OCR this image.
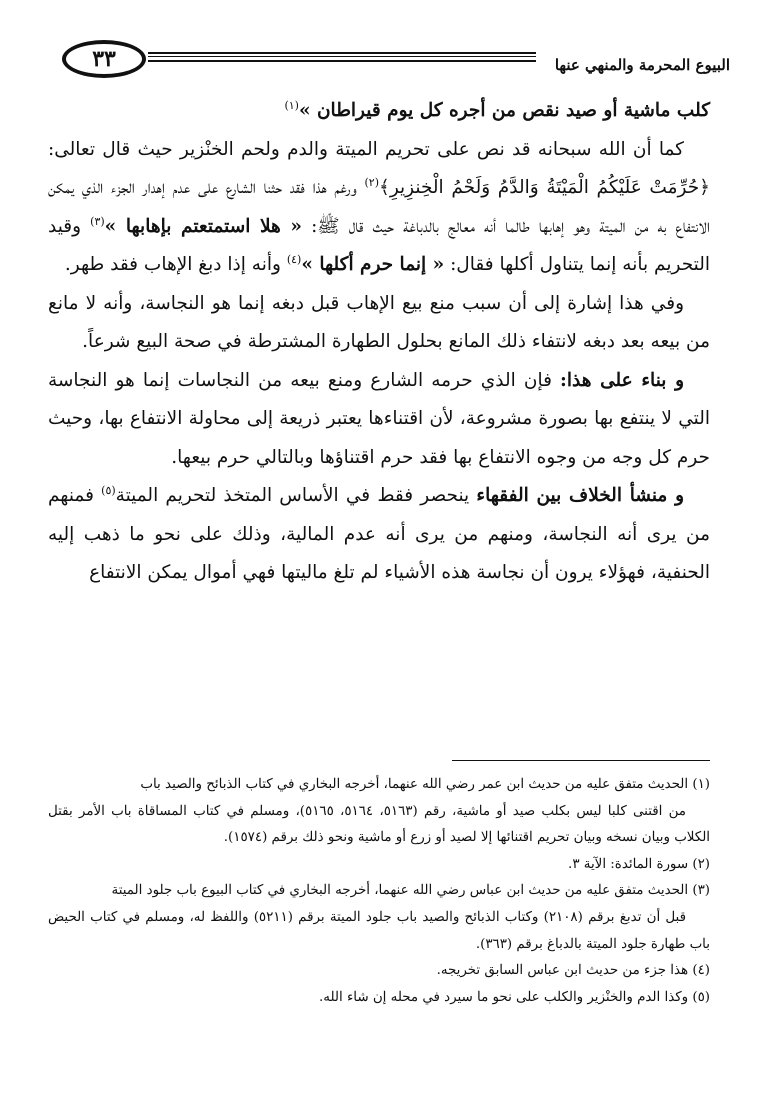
٣٣	البيوع المحرمة والمنهي عنها

كلب ماشية أو صيد نقص من أجره كل يوم قيراطان »$^{(١)}$

كما أن الله سبحانه قد نص على تحريم الميتة والدم ولحم الخنْزير حيث قال تعالى: ﴿حُرِّمَتْ عَلَيْكُمُ الْمَيْتَةُ وَالدَّمُ وَلَحْمُ الْخِنزِيرِ﴾$^{(٢)}$ ورغم هذا فقد حثنا الشارع على عدم إهدار الجزء الذي يمكن الانتفاع به من الميتة وهو إهابها طالما أنه معالج بالدباغة حيث قال ﷺ: « هلا استمتعتم بإهابها »$^{(٣)}$ وقيد التحريم بأنه إنما يتناول أكلها فقال: « إنما حرم أكلها »$^{(٤)}$ وأنه إذا دبغ الإهاب فقد طهر.

وفي هذا إشارة إلى أن سبب منع بيع الإهاب قبل دبغه إنما هو النجاسة، وأنه لا مانع من بيعه بعد دبغه لانتفاء ذلك المانع بحلول الطهارة المشترطة في صحة البيع شرعاً.

و بناء على هذا: فإن الذي حرمه الشارع ومنع بيعه من النجاسات إنما هو النجاسة التي لا ينتفع بها بصورة مشروعة، لأن اقتناءها يعتبر ذريعة إلى محاولة الانتفاع بها، وحيث حرم كل وجه من وجوه الانتفاع بها فقد حرم اقتناؤها وبالتالي حرم بيعها.

و منشأ الخلاف بين الفقهاء ينحصر فقط في الأساس المتخذ لتحريم الميتة$^{(٥)}$ فمنهم من يرى أنه النجاسة، ومنهم من يرى أنه عدم المالية، وذلك على نحو ما ذهب إليه الحنفية، فهؤلاء يرون أن نجاسة هذه الأشياء لم تلغ ماليتها فهي أموال يمكن الانتفاع

(١) الحديث متفق عليه من حديث ابن عمر رضي الله عنهما، أخرجه البخاري في كتاب الذبائح والصيد باب
من اقتنى كلبا ليس بكلب صيد أو ماشية، رقم (٥١٦٣، ٥١٦٤، ٥١٦٥)، ومسلم في كتاب المساقاة باب الأمر بقتل الكلاب وبيان نسخه وبيان تحريم اقتنائها إلا لصيد أو زرع أو ماشية ونحو ذلك برقم (١٥٧٤).

(٢) سورة المائدة: الآية ٣.

(٣) الحديث متفق عليه من حديث ابن عباس رضي الله عنهما، أخرجه البخاري في كتاب البيوع باب جلود الميتة
قبل أن تدبغ برقم (٢١٠٨) وكتاب الذبائح والصيد باب جلود الميتة برقم (٥٢١١) واللفظ له، ومسلم في كتاب الحيض باب طهارة جلود الميتة بالدباغ برقم (٣٦٣).

(٤) هذا جزء من حديث ابن عباس السابق تخريجه.

(٥) وكذا الدم والخنْزير والكلب على نحو ما سيرد في محله إن شاء الله.
